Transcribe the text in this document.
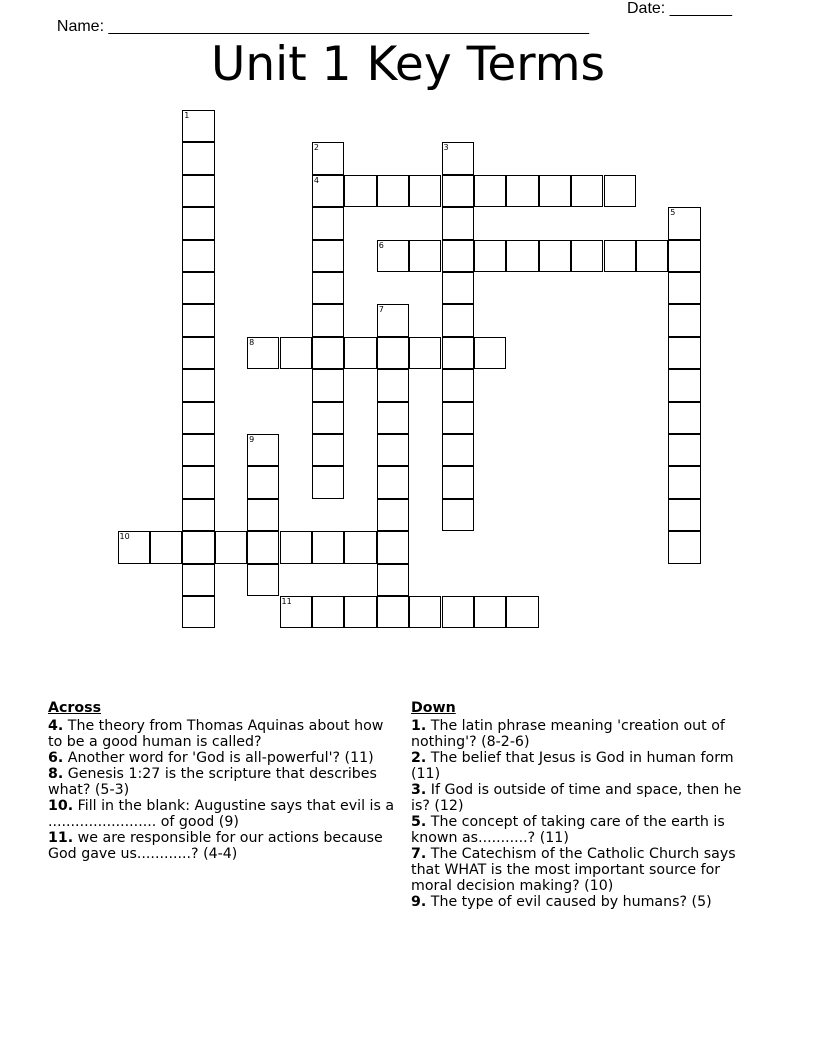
Name: ______________________________________________________

Date: _______

Unit 1 Key Terms
1
2
4
3
5
6
7
8
9
10
11
Across
4. The theory from Thomas Aquinas about how to be a good human is called?
6. Another word for 'God is all-powerful'? (11)
8. Genesis 1:27 is the scripture that describes what? (5-3)
10. Fill in the blank: Augustine says that evil is a ........................ of good (9)
11. we are responsible for our actions because God gave us............? (4-4)
Down
1. The latin phrase meaning 'creation out of nothing'? (8-2-6)
2. The belief that Jesus is God in human form (11)
3. If God is outside of time and space, then he is? (12)
5. The concept of taking care of the earth is known as...........? (11)
7. The Catechism of the Catholic Church says that WHAT is the most important source for moral decision making? (10)
9. The type of evil caused by humans? (5)
